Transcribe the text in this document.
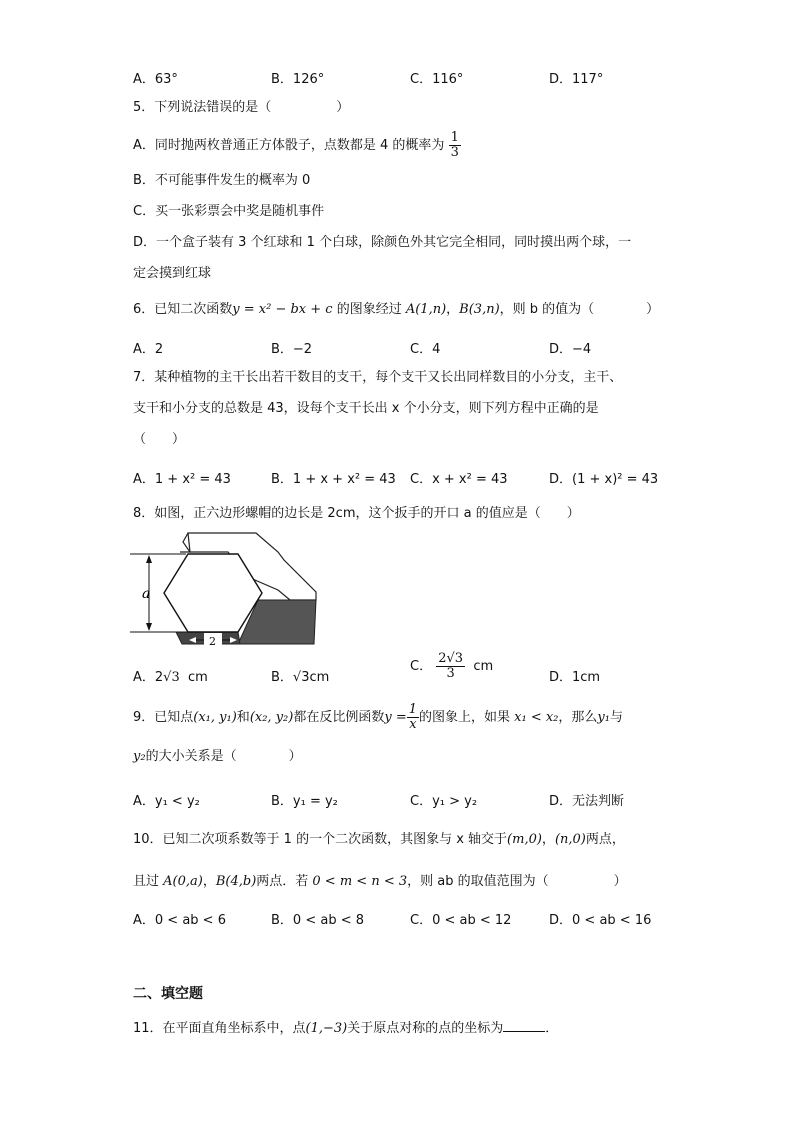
A．63°	B．126°	C．116°	D．117°
5．下列说法错误的是（　　　　　）
A．同时抛两枚普通正方体骰子，点数都是 4 的概率为 $\frac{1}{3}$
B．不可能事件发生的概率为 0
C．买一张彩票会中奖是随机事件
D．一个盒子装有 3 个红球和 1 个白球，除颜色外其它完全相同，同时摸出两个球，一
定会摸到红球
6．已知二次函数y = x² − bx + c 的图象经过 A(1,n)，B(3,n)，则 b 的值为（　　　　）
A．2	B．−2	C．4	D．−4
7．某种植物的主干长出若干数目的支干，每个支干又长出同样数目的小分支，主干、
支干和小分支的总数是 43，设每个支干长出 x 个小分支，则下列方程中正确的是
（　　）
A．1 + x² = 43	B．1 + x + x² = 43 C．x + x² = 43	D．(1 + x)² = 43
8．如图，正六边形螺帽的边长是 2cm，这个扳手的开口 a 的值应是（　　）
a
2
A．2√3 cm	B．√3cm
C． $\frac{2√3}{3}$ cm
D．1cm
9．已知点(x₁, y₁)和(x₂, y₂)都在反比例函数$y = \frac{1}{x}$ 的图象上，如果 x₁ < x₂，那么y₁与
y₂的大小关系是（　　　　）
A．y₁ < y₂	B．y₁ = y₂	C．y₁ > y₂	D．无法判断
10．已知二次项系数等于 1 的一个二次函数，其图象与 x 轴交于(m,0)，(n,0)两点，
且过 A(0,a)，B(4,b)两点．若 0 < m < n < 3，则 ab 的取值范围为（　　　　　）
A．0 < ab < 6	B．0 < ab < 8	C．0 < ab < 12	D．0 < ab < 16
二、填空题
11．在平面直角坐标系中，点(1,−3)关于原点对称的点的坐标为	．
